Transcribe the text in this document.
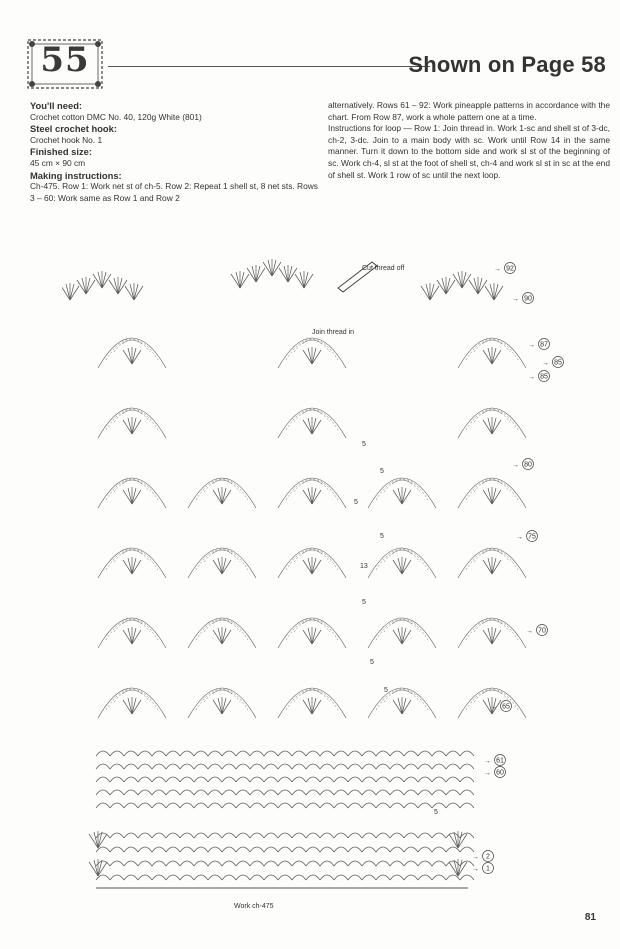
55	Shown on Page 58

You'll need:

Crochet cotton DMC No. 40, 120g White (801)

Steel crochet hook:

Crochet hook No. 1

Finished size:

45 cm × 90 cm

Making instructions:

Ch-475. Row 1: Work net st of ch-5. Row 2: Repeat 1 shell st, 8 net sts. Rows 3 – 60: Work same as Row 1 and Row 2

alternatively. Rows 61 – 92: Work pineapple patterns in accordance with the chart. From Row 87, work a whole pattern one at a time.

Instructions for loop — Row 1: Join thread in. Work 1-sc and shell st of 3-dc, ch-2, 3-dc. Join to a main body with sc. Work until Row 14 in the same manner. Turn it down to the bottom side and work sl st of the beginning of sc. Work ch-4, sl st at the foot of shell st, ch-4 and work sl st in sc at the end of shell st. Work 1 row of sc until the next loop.

Cut thread off
Join thread in
→ 92
→ 90
→ 87
→ 85
→ 85
→ 80
→ 75
→ 70
→ 65
→ 61
→ 60
→ 2
→ 1
5
5
5
5
13
5
5
5
5
Work ch-475
81
